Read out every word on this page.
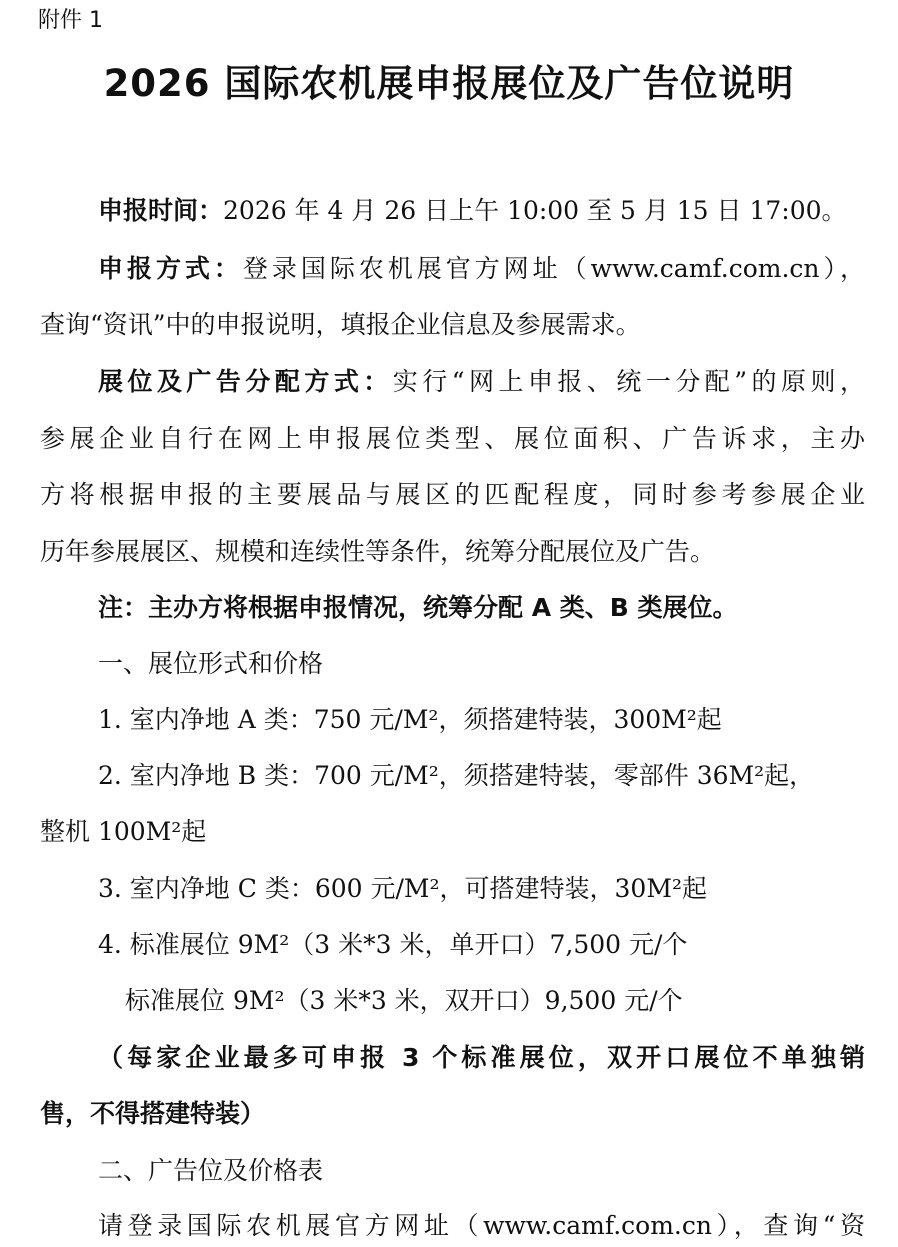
附件 1
2026 国际农机展申报展位及广告位说明
申报时间：2026 年 4 月 26 日上午 10:00 至 5 月 15 日 17:00。
申报方式：登录国际农机展官方网址（www.camf.com.cn），
查询“资讯”中的申报说明，填报企业信息及参展需求。
展位及广告分配方式：实行“网上申报、统一分配”的原则，
参展企业自行在网上申报展位类型、展位面积、广告诉求，主办
方将根据申报的主要展品与展区的匹配程度，同时参考参展企业
历年参展展区、规模和连续性等条件，统筹分配展位及广告。
注：主办方将根据申报情况，统筹分配 A 类、B 类展位。
一、展位形式和价格
1. 室内净地 A 类：750 元/M²，须搭建特装，300M²起
2. 室内净地 B 类：700 元/M²，须搭建特装，零部件 36M²起，
整机 100M²起
3. 室内净地 C 类：600 元/M²，可搭建特装，30M²起
4. 标准展位 9M²（3 米*3 米，单开口）7,500 元/个
标准展位 9M²（3 米*3 米，双开口）9,500 元/个
（每家企业最多可申报 3 个标准展位，双开口展位不单独销
售，不得搭建特装）
二、广告位及价格表
请登录国际农机展官方网址（www.camf.com.cn），查询“资
